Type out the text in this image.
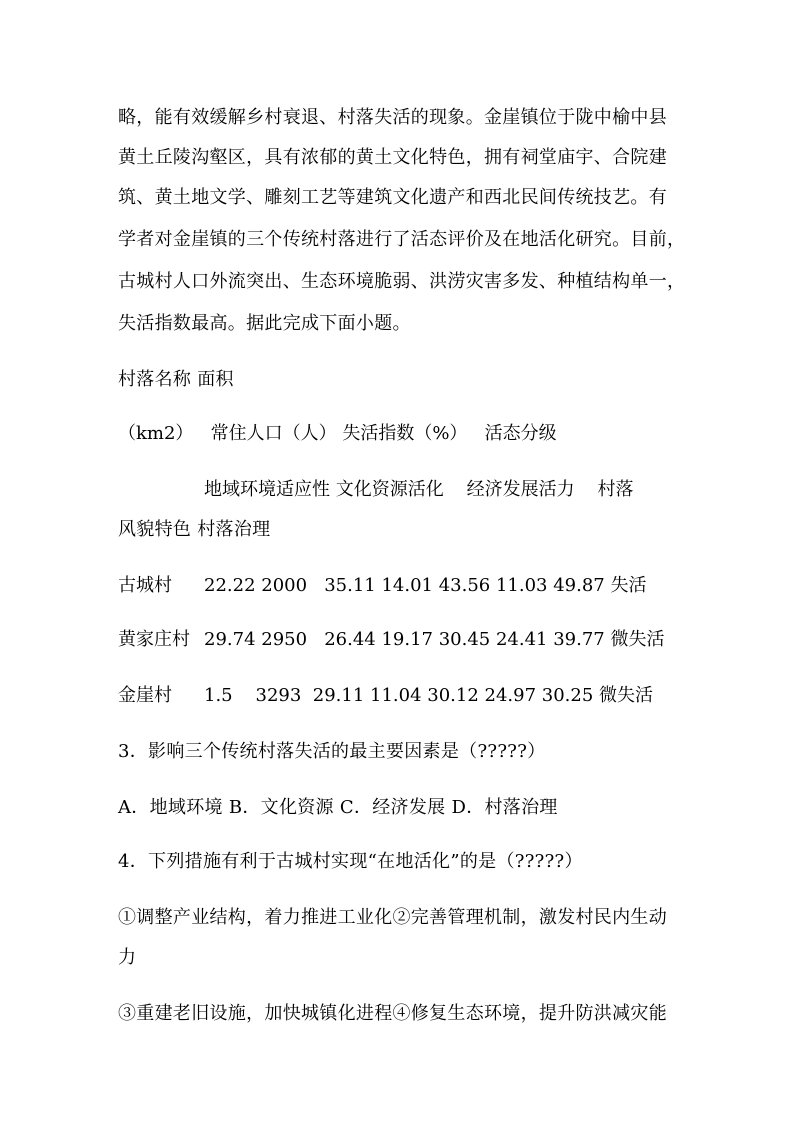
略，能有效缓解乡村衰退、村落失活的现象。金崖镇位于陇中榆中县
黄土丘陵沟壑区，具有浓郁的黄土文化特色，拥有祠堂庙宇、合院建
筑、黄土地文学、雕刻工艺等建筑文化遗产和西北民间传统技艺。有
学者对金崖镇的三个传统村落进行了活态评价及在地活化研究。目前，
古城村人口外流突出、生态环境脆弱、洪涝灾害多发、种植结构单一，
失活指数最高。据此完成下面小题。
村落名称 面积
（km2）   常住人口（人） 失活指数（%）   活态分级
地域环境适应性 文化资源活化    经济发展活力    村落
风貌特色 村落治理
古城村 22.22 2000   35.11 14.01 43.56 11.03 49.87 失活
黄家庄村 29.74 2950   26.44 19.17 30.45 24.41 39.77 微失活
金崖村 1.5    3293  29.11 11.04 30.12 24.97 30.25 微失活
3．影响三个传统村落失活的最主要因素是（?????）
A．地域环境 B．文化资源 C．经济发展 D．村落治理
4．下列措施有利于古城村实现“在地活化”的是（?????）
①调整产业结构，着力推进工业化②完善管理机制，激发村民内生动
力
③重建老旧设施，加快城镇化进程④修复生态环境，提升防洪减灾能
